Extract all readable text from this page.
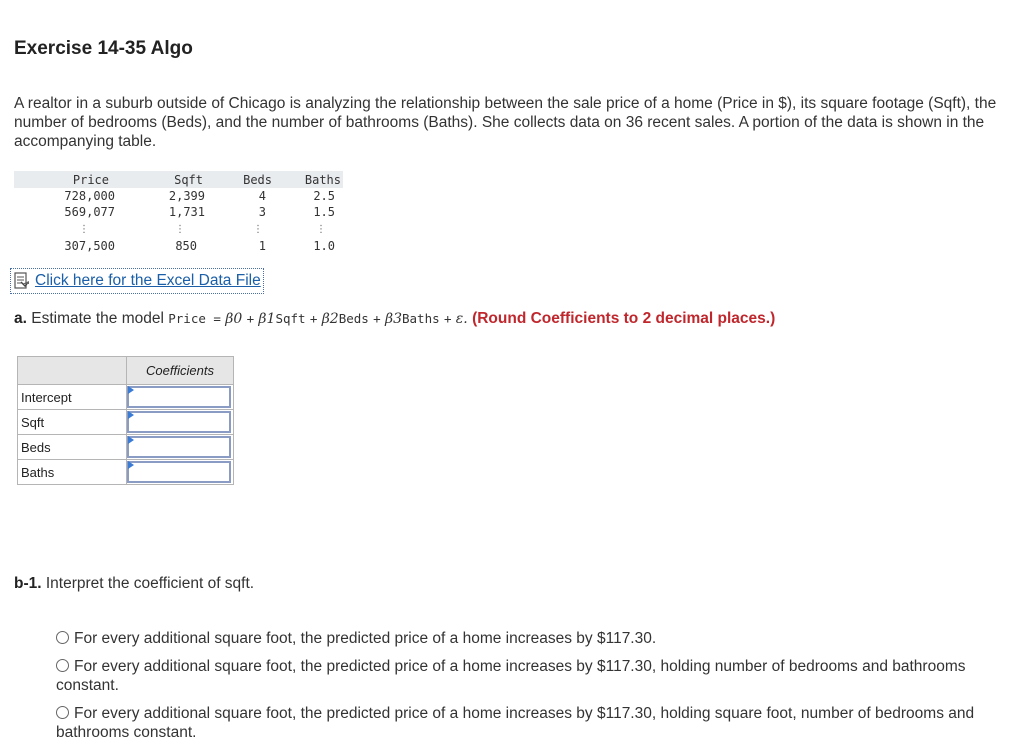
Exercise 14-35 Algo

A realtor in a suburb outside of Chicago is analyzing the relationship between the sale price of a home (Price in $), its square footage (Sqft), the number of bedrooms (Beds), and the number of bathrooms (Baths). She collects data on 36 recent sales. A portion of the data is shown in the accompanying table.

Price	Sqft	Beds	Baths
728,000	2,399	4	2.5
569,077	1,731	3	1.5
⋮	⋮	⋮	⋮
307,500	850	1	1.0
Click here for the Excel Data File

a. Estimate the model Price = β0 + β1Sqft + β2Beds + β3Baths + ε. (Round Coefficients to 2 decimal places.)

	Coefficients
Intercept	

Sqft	

Beds	

Baths	

b-1. Interpret the coefficient of sqft.

For every additional square foot, the predicted price of a home increases by $117.30.
For every additional square foot, the predicted price of a home increases by $117.30, holding number of bedrooms and bathrooms constant.
For every additional square foot, the predicted price of a home increases by $117.30, holding square foot, number of bedrooms and bathrooms constant.
